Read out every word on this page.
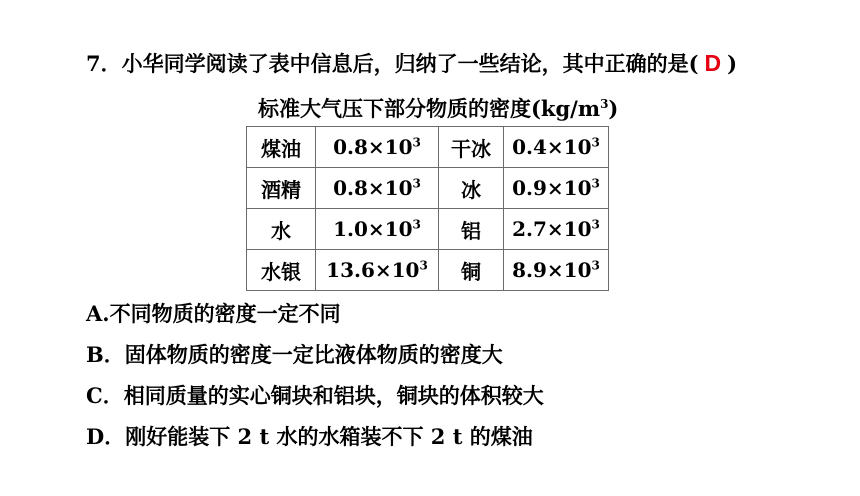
7．小华同学阅读了表中信息后，归纳了一些结论，其中正确的是( D )
标准大气压下部分物质的密度$(kg/m^3)$
煤油	$0.8\times 10^3$	干冰	$0.4\times 10^3$
酒精	$0.8\times 10^3$	冰	$0.9\times 10^3$
水	$1.0\times 10^3$	铝	$2.7\times 10^3$
水银	$13.6\times 10^3$	铜	$8.9\times 10^3$
A.不同物质的密度一定不同
B．固体物质的密度一定比液体物质的密度大
C．相同质量的实心铜块和铝块，铜块的体积较大
D．刚好能装下 2 t 水的水箱装不下 2 t 的煤油
